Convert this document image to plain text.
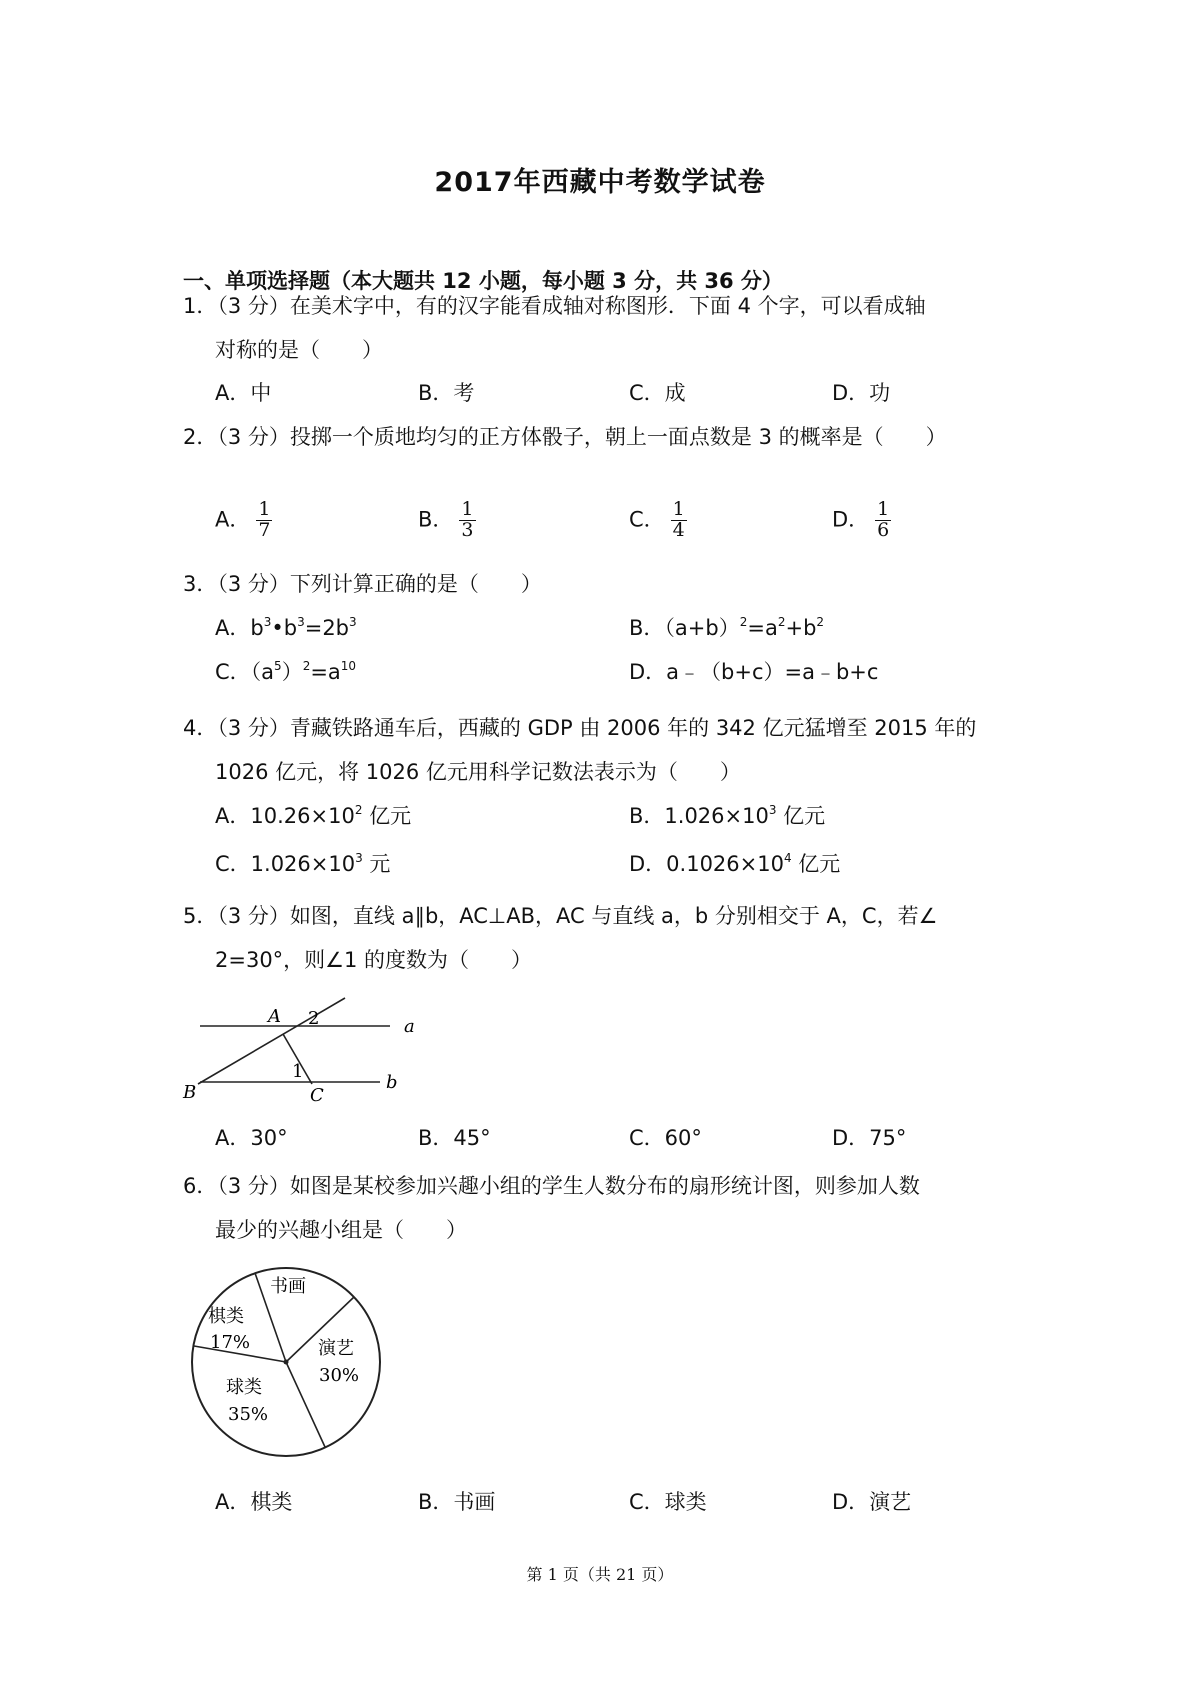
2017年西藏中考数学试卷
一、单项选择题（本大题共 12 小题，每小题 3 分，共 36 分）
1．（3 分）在美术字中，有的汉字能看成轴对称图形．下面 4 个字，可以看成轴
对称的是（　　）
A．中	B．考	C．成	D．功
2．（3 分）投掷一个质地均匀的正方体骰子，朝上一面点数是 3 的概率是（　　）
A． $\frac{1}{7}$	B． $\frac{1}{3}$	C． $\frac{1}{4}$	D． $\frac{1}{6}$
3．（3 分）下列计算正确的是（　　）
A．$b^3•b^3=2b^3$	B．$(a+b)^2=a^2+b^2$
C．$(a^5)^2=a^{10}$	D．a﹣（b+c）=a﹣b+c
4．（3 分）青藏铁路通车后，西藏的 GDP 由 2006 年的 342 亿元猛增至 2015 年的
1026 亿元，将 1026 亿元用科学记数法表示为（　　）
A．$10.26\times 10^2$ 亿元	B．$1.026\times 10^3$ 亿元
C．$1.026\times 10^3$ 元	D．$0.1026\times 10^4$ 亿元
5．（3 分）如图，直线 a∥b，AC⊥AB，AC 与直线 a，b 分别相交于 A，C，若∠
2=30°，则∠1 的度数为（　　）
A 2	a
1
b
B	C
A．30°	B．45°	C．60°	D．75°
6．（3 分）如图是某校参加兴趣小组的学生人数分布的扇形统计图，则参加人数
最少的兴趣小组是（　　）
书画
棋类
17%	演艺
30%
球类
35%
A．棋类	B．书画	C．球类	D．演艺
第 1 页（共 21 页）
